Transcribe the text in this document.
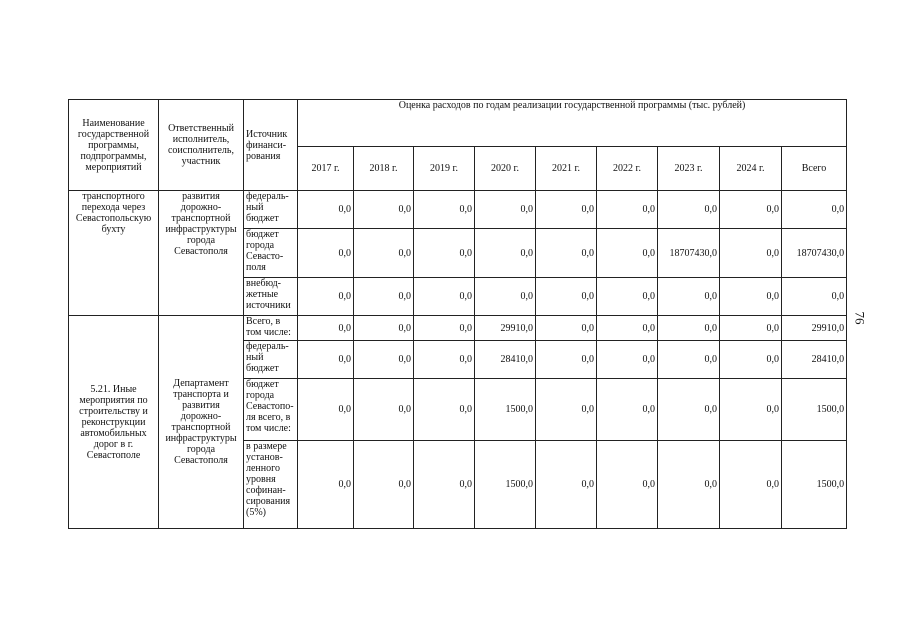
Наименование государственной программы, подпрограммы, мероприятий	Ответственный исполнитель, соисполнитель, участник	Источник финанси-рования	Оценка расходов по годам реализации государственной программы (тыс. рублей)								
			2017 г.	2018 г.	2019 г.	2020 г.	2021 г.	2022 г.	2023 г.	2024 г.	Всего
транспортного перехода через Севастопольскую бухту	развития дорожно-транспортной инфраструктуры города Севастополя	федераль-ный бюджет	0,0	0,0	0,0	0,0	0,0	0,0	0,0	0,0	0,0
		бюджет города Севасто-поля	0,0	0,0	0,0	0,0	0,0	0,0	18707430,0	0,0	18707430,0
		внебюд-жетные источники	0,0	0,0	0,0	0,0	0,0	0,0	0,0	0,0	0,0
5.21. Иные мероприятия по строительству и реконструкции автомобильных дорог в г. Севастополе	Департамент транспорта и развития дорожно-транспортной инфраструктуры города Севастополя	Всего, в том числе:	0,0	0,0	0,0	29910,0	0,0	0,0	0,0	0,0	29910,0
		федераль-ный бюджет	0,0	0,0	0,0	28410,0	0,0	0,0	0,0	0,0	28410,0
		бюджет города Севастопо-ля всего, в том числе:	0,0	0,0	0,0	1500,0	0,0	0,0	0,0	0,0	1500,0
		в размере установ-ленного уровня софинан-сирования (5%)	0,0	0,0	0,0	1500,0	0,0	0,0	0,0	0,0	1500,0
76
